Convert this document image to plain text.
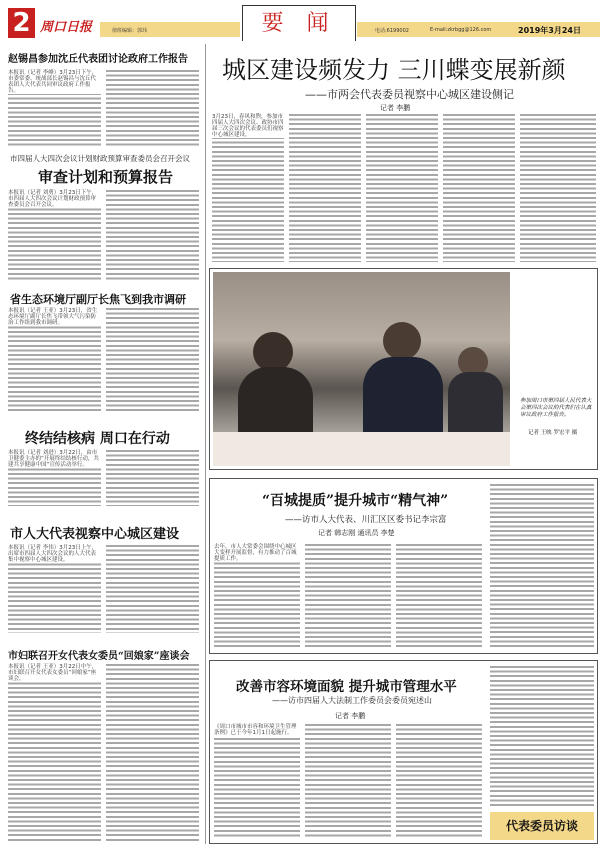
2 周口日报	值班编辑：郭玮	要 闻	电话:6199002	E-mail:zkrbgg@126.com	2019年3月24日
赵锡昌参加沈丘代表团讨论政府工作报告
本报讯（记者 李峰）3月23日下午，市委常委、统战部长赵锡昌与沈丘代表团人大代表共同审议政府工作报告。
市四届人大四次会议计划财政预算审查委员会召开会议
审查计划和预算报告
本报讯（记者 刘勇）3月23日下午，市四届人大四次会议计划财政预算审查委员会召开会议。
省生态环境厅副厅长焦飞到我市调研
本报讯（记者 王亚）3月23日，省生态环境厅副厅长焦飞带领大气污染防治工作组到我市调研。
终结结核病 周口在行动
本报讯（记者 刘进）3月22日，由市卫健委主办的“开展终结结核行动，共建共享健康中国”宣传活动举行。
市人大代表视察中心城区建设
本报讯（记者 李伟）3月23日上午，出席市四届人大四次会议的人大代表集中视察中心城区建设。
市妇联召开女代表女委员“回娘家”座谈会
本报讯（记者 王亚）3月22日中午，市妇联召开女代表女委员“回娘家”座谈会。
城区建设频发力 三川蝶变展新颜
——市两会代表委员视察中心城区建设侧记
记者 李鹏
3月23日，春风和煦，参加市四届人大四次会议、政协市四届三次会议的代表委员们视察中心城区建设。
参加周口市第四届人民代表大会第四次会议的代表们在认真审议政府工作报告。
记者 王映 罗宏平 摄
“百城提质”提升城市“精气神”
——访市人大代表、川汇区区委书记李宗富
记者 韩志刚 通讯员 李楚
去年，市人大常委会围绕中心城区大变样开展监督，有力推动了百城提质工作。
改善市容环境面貌 提升城市管理水平
——访市四届人大法制工作委员会委员宛述山
记者 李鹏
《周口市城市市容和环境卫生管理条例》已于今年1月1日起施行。
代表委员访谈
